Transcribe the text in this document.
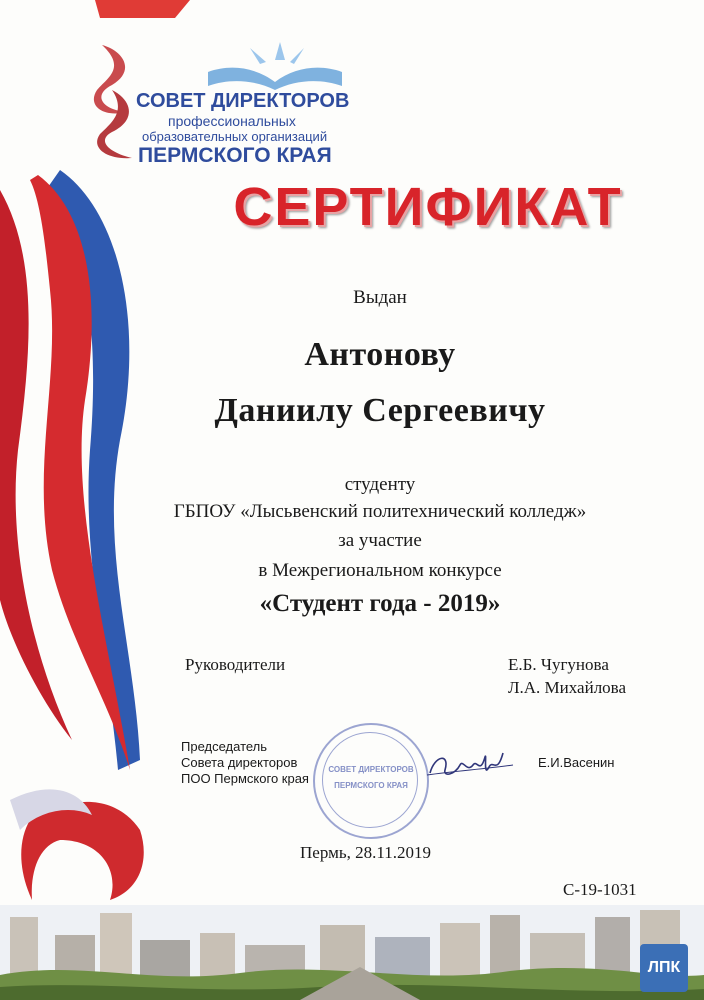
СОВЕТ ДИРЕКТОРОВ
профессиональных
образовательных организаций
ПЕРМСКОГО КРАЯ
СЕРТИФИКАТ
Выдан
Антонову
Даниилу Сергеевичу
студенту
ГБПОУ «Лысьвенский политехнический колледж»
за участие
в Межрегиональном конкурсе
«Студент года - 2019»
Руководители	Е.Б. Чугунова
Л.А. Михайлова
Председатель
Совета директоров
ПОО Пермского края
СОВЕТ ДИРЕКТОРОВ
ПЕРМСКОГО КРАЯ
Е.И.Васенин
Пермь, 28.11.2019
С-19-1031
ЛПК
